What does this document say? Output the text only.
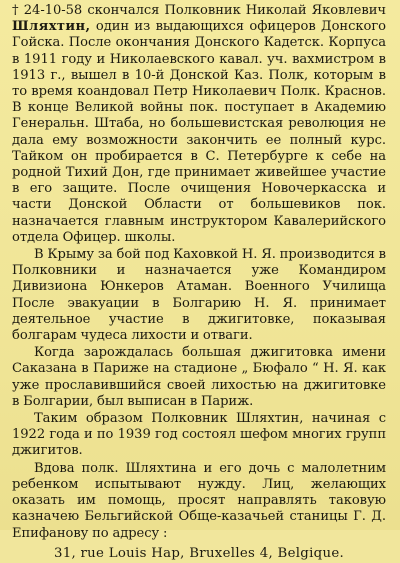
† 24-10-58 скончался Полковник Николай Яковлевич Шляхтин, один из выдающихся офицеров Донского Гойска. После окончания Донского Кадетск. Корпуса в 1911 году и Николаевского кавал. уч. вахмистром в 1913 г., вышел в 10-й Донской Каз. Полк, которым в то время коандовал Петр Николаевич Полк. Краснов. В конце Великой войны пок. поступает в Академию Генеральн. Штаба, но большевистская революция не дала ему возможности закончить ее полный курс. Тайком он пробирается в С. Петербурге к себе на родной Тихий Дон, где принимает живейшее участие в его защите. После очищения Новочеркасска и части Донской Области от большевиков пок. назначается главным инструктором Кавалерийского отдела Офицер. школы.

В Крыму за бой под Каховкой Н. Я. производится в Полковники и назначается уже Командиром Дивизиона Юнкеров Атаман. Военного Училища После эвакуации в Болгарию Н. Я. принимает деятельное участие в джигитовке, показывая болгарам чудеса лихости и отваги.

Когда зарождалась большая джигитовка имени Саказана в Париже на стадионе „ Бюфало “ Н. Я. как уже прославившийся своей лихостью на джигитовке в Болгарии, был выписан в Париж.

Таким образом Полковник Шляхтин, начиная с 1922 года и по 1939 год состоял шефом многих групп джигитов.

Вдова полк. Шляхтина и его дочь с малолетним ребенком испытывают нужду. Лиц, желающих оказать им помощь, просят направлять таковую казначею Бельгийской Обще-казачьей станицы Г. Д. Епифанову по адресу :

31, rue Louis Hap, Bruxelles 4, Belgique.
